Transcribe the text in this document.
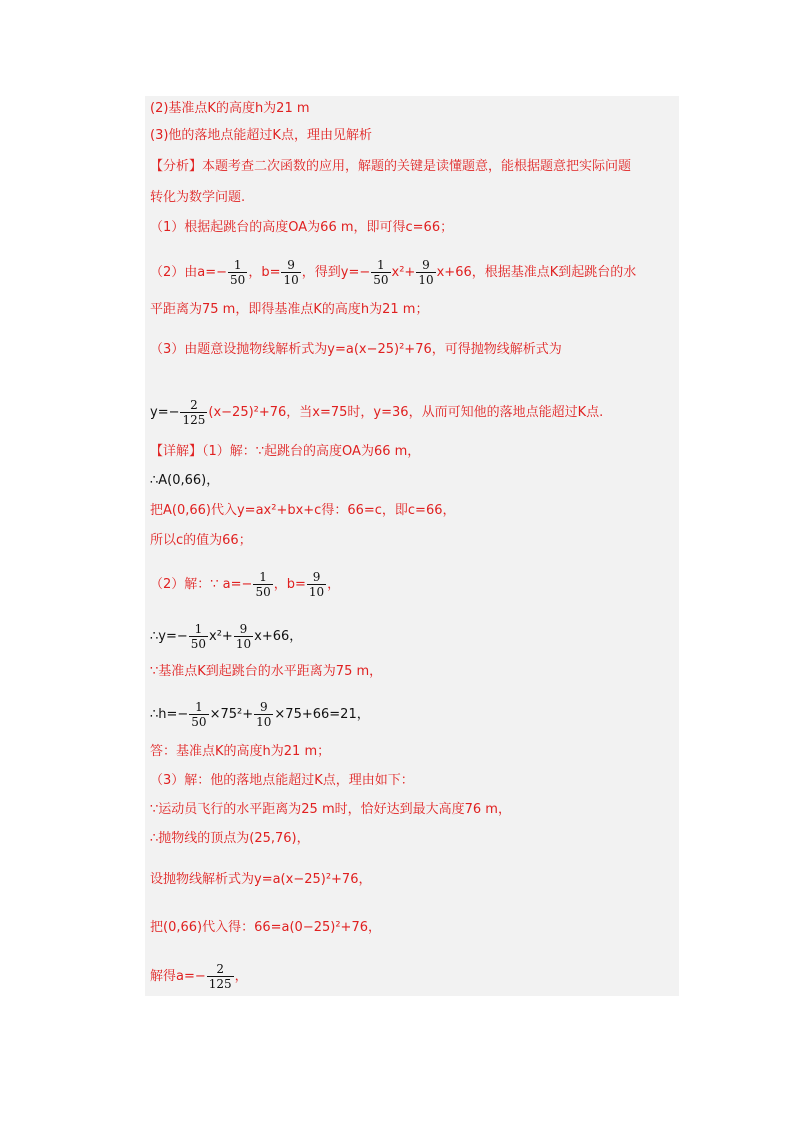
(2)基准点K的高度h为21 m
(3)他的落地点能超过K点，理由见解析
【分析】本题考查二次函数的应用，解题的关键是读懂题意，能根据题意把实际问题
转化为数学问题.
（1）根据起跳台的高度OA为66 m，即可得c=66；
（2）由$a=- \frac{1}{50}$ ，$b= \frac{9}{10}$ ，得到$y=- \frac{1}{50} x^2+ \frac{9}{10} x+66$，根据基准点K到起跳台的水
平距离为75 m，即得基准点K的高度h为21 m；
（3）由题意设抛物线解析式为y=a(x−25)²+76，可得抛物线解析式为
$y=- \frac{2}{125} (x-25)^2+76$，当x=75时，y=36，从而可知他的落地点能超过K点.
【详解】（1）解：∵起跳台的高度OA为66 m，
∴A(0,66)，
把A(0,66)代入y=ax²+bx+c得：66=c，即c=66，
所以c的值为66；
（2）解：∵ $a=- \frac{1}{50}$ ，$b= \frac{9}{10}$ ，
∴y=− $\frac{1}{50} x^2+ \frac{9}{10} x+66$，
∵基准点K到起跳台的水平距离为75 m，
∴h=− $\frac{1}{50} \times 75^2+ \frac{9}{10} \times 75+66=21$，
答：基准点K的高度h为21 m；
（3）解：他的落地点能超过K点，理由如下：
∵运动员飞行的水平距离为25 m时，恰好达到最大高度76 m，
∴抛物线的顶点为(25,76)，
设抛物线解析式为y=a(x−25)²+76，
把(0,66)代入得：66=a(0−25)²+76，
解得$a=- \frac{2}{125}$ ，
